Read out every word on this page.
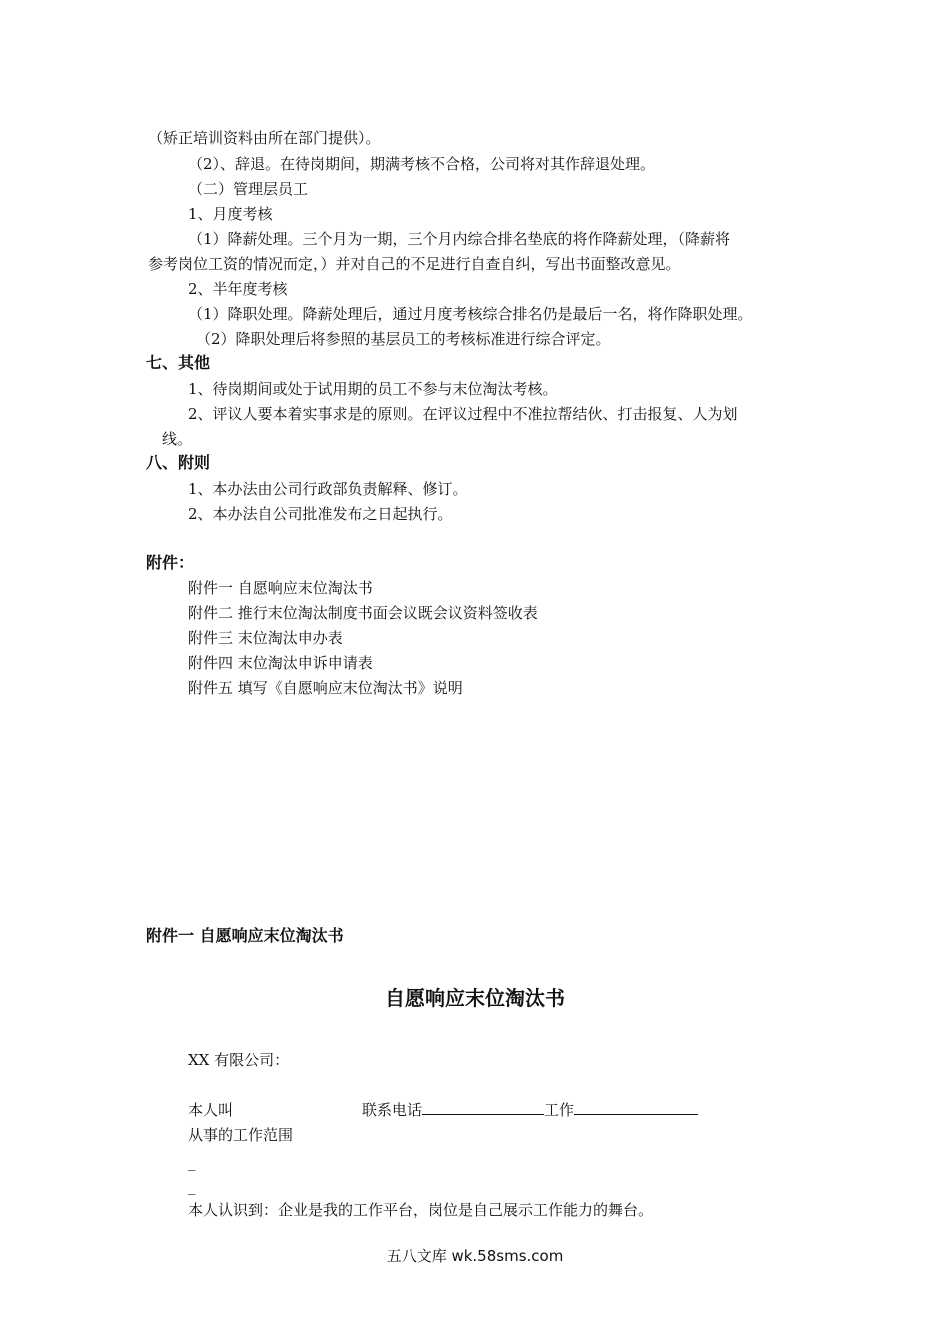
（矫正培训资料由所在部门提供）。
（2）、辞退。在待岗期间，期满考核不合格，公司将对其作辞退处理。
（二）管理层员工
1、月度考核
（1）降薪处理。三个月为一期，三个月内综合排名垫底的将作降薪处理，（降薪将
参考岗位工资的情况而定，）并对自己的不足进行自查自纠，写出书面整改意见。
2、半年度考核
（1）降职处理。降薪处理后，通过月度考核综合排名仍是最后一名，将作降职处理。
（2）降职处理后将参照的基层员工的考核标准进行综合评定。
七、其他
1、待岗期间或处于试用期的员工不参与末位淘汰考核。
2、评议人要本着实事求是的原则。在评议过程中不准拉帮结伙、打击报复、人为划
线。
八、附则
1、本办法由公司行政部负责解释、修订。
2、本办法自公司批准发布之日起执行。
附件：
附件一 自愿响应末位淘汰书
附件二 推行末位淘汰制度书面会议既会议资料签收表
附件三 末位淘汰申办表
附件四 末位淘汰申诉申请表
附件五 填写《自愿响应末位淘汰书》说明
附件一 自愿响应末位淘汰书
自愿响应末位淘汰书
XX 有限公司：
本人叫	联系电话	工作
从事的工作范围
_
_
本人认识到：企业是我的工作平台，岗位是自己展示工作能力的舞台。
五八文库 wk.58sms.com
